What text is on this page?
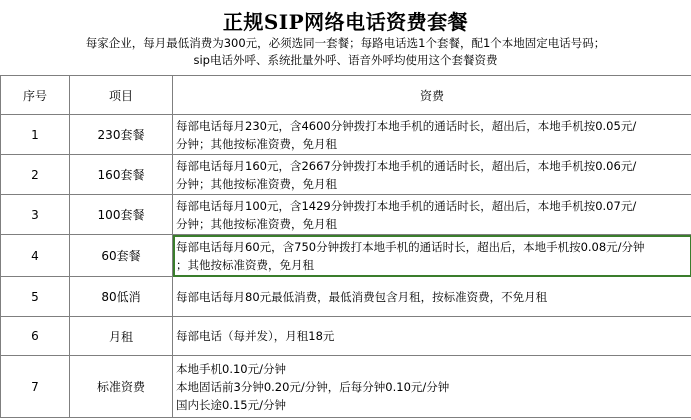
正规SIP网络电话资费套餐
每家企业，每月最低消费为300元，必须选同一套餐；每路电话选1个套餐，配1个本地固定电话号码；
sip电话外呼、系统批量外呼、语音外呼均使用这个套餐资费
序号	项目	资费
1	230套餐	每部电话每月230元，含4600分钟拨打本地手机的通话时长，超出后，本地手机按0.05元/
分钟；其他按标准资费，免月租

2	160套餐	每部电话每月160元，含2667分钟拨打本地手机的通话时长，超出后，本地手机按0.06元/
分钟；其他按标准资费，免月租

3	100套餐	每部电话每月100元，含1429分钟拨打本地手机的通话时长，超出后，本地手机按0.07元/
分钟；其他按标准资费，免月租

4	60套餐	每部电话每月60元，含750分钟拨打本地手机的通话时长，超出后，本地手机按0.08元/分钟
；其他按标准资费，免月租

5	80低消	每部电话每月80元最低消费，最低消费包含月租，按标准资费，不免月租

6	月租	每部电话（每并发），月租18元

7	标准资费	本地手机0.10元/分钟
本地固话前3分钟0.20元/分钟，后每分钟0.10元/分钟
国内长途0.15元/分钟
